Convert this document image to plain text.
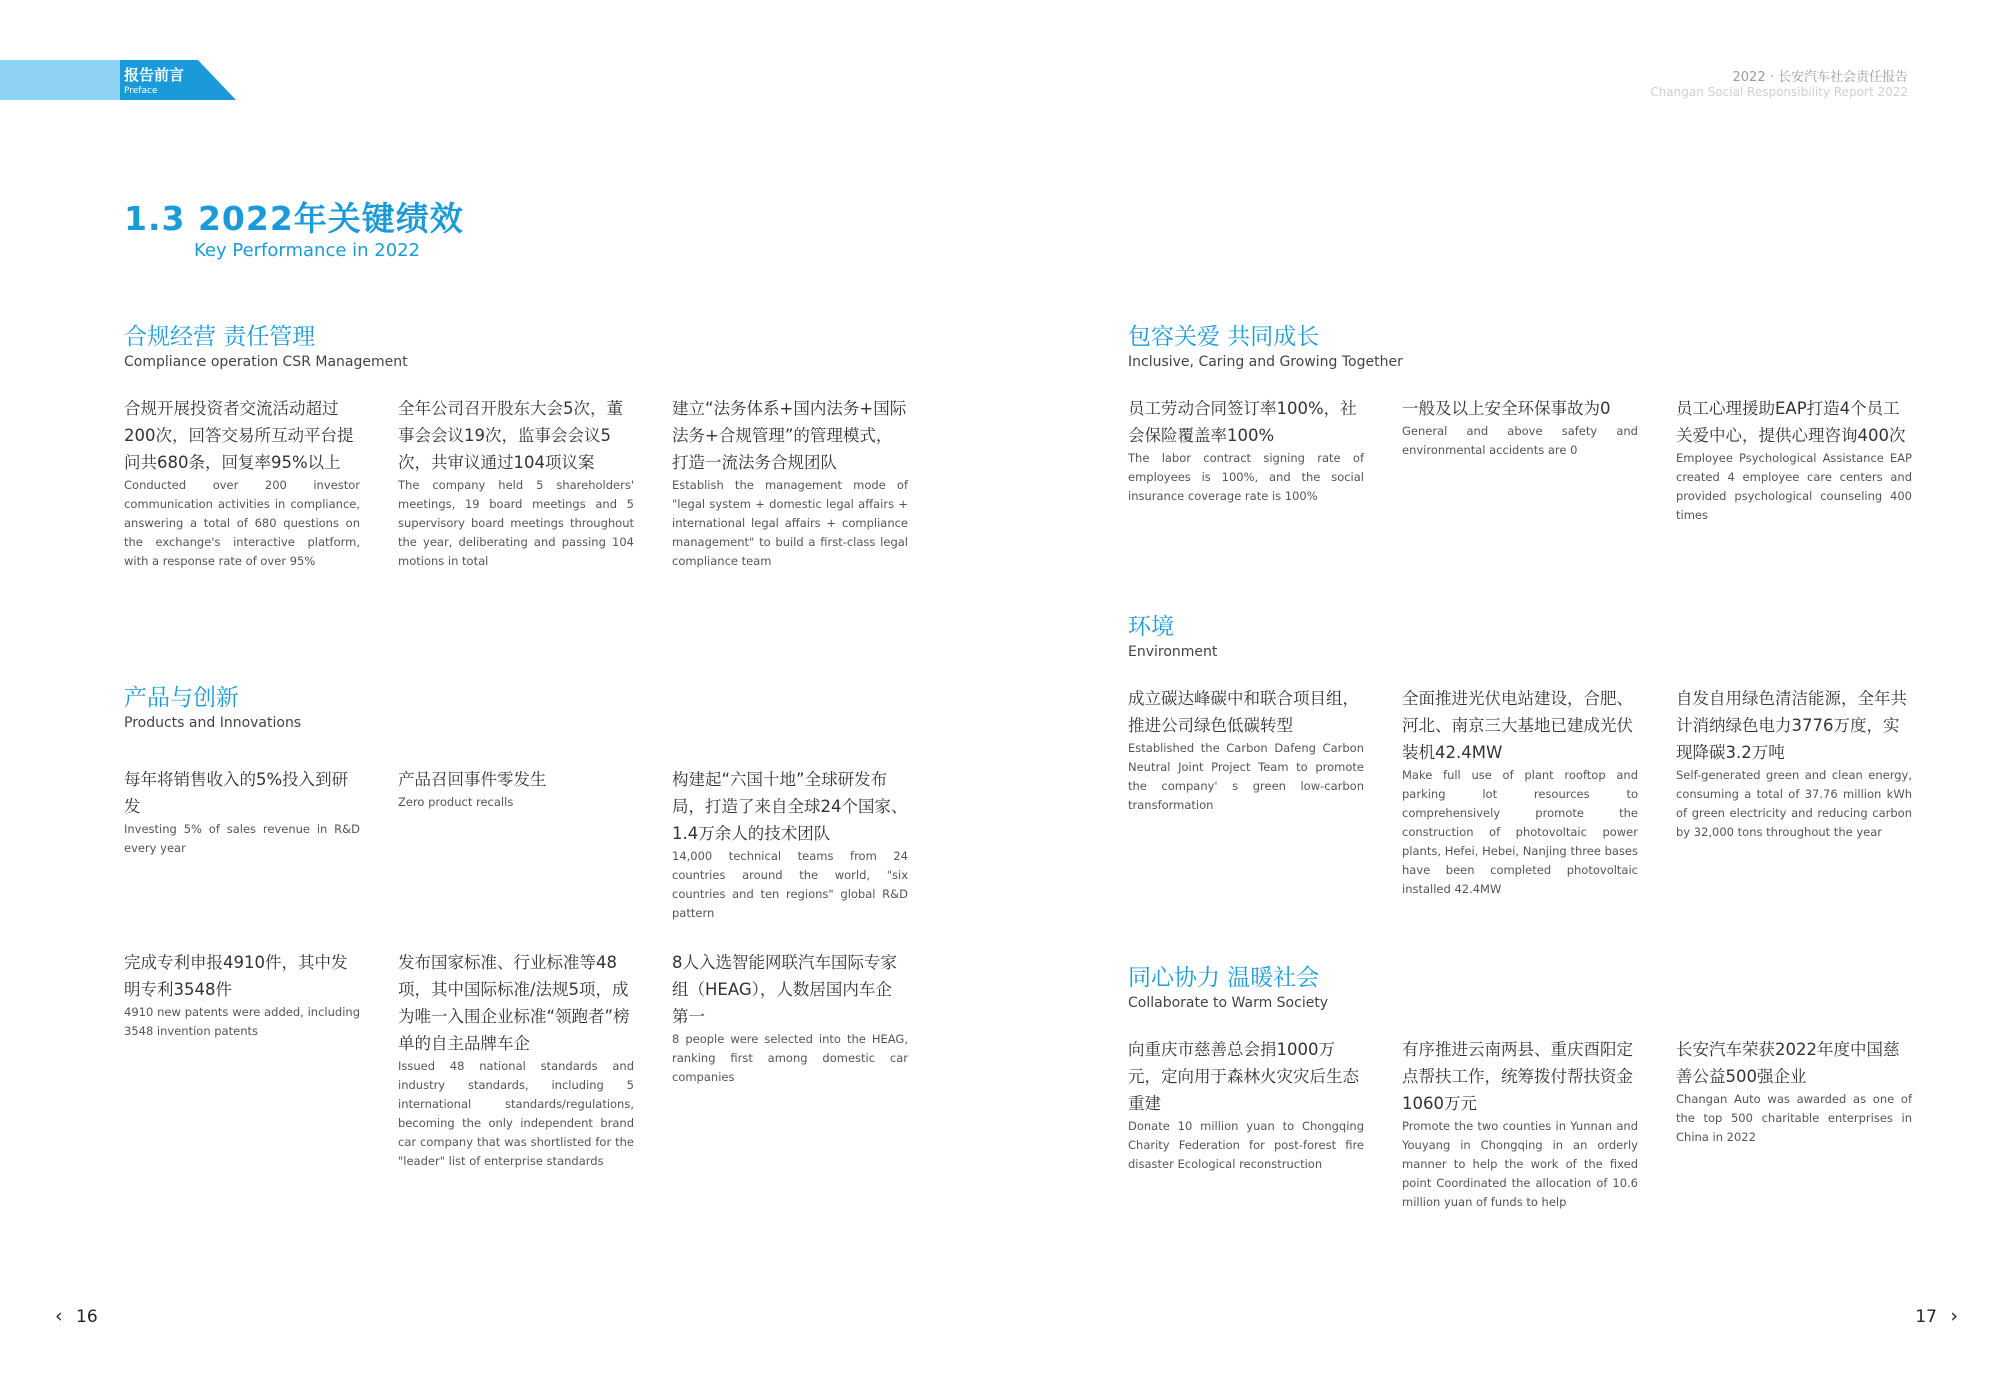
报告前言
Preface
2022 · 长安汽车社会责任报告
Changan Social Responsibility Report 2022
1.3 2022年关键绩效
Key Performance in 2022
合规经营 责任管理
Compliance operation CSR Management
合规开展投资者交流活动超过200次，回答交易所互动平台提问共680条，回复率95%以上
Conducted over 200 investor communication activities in compliance, answering a total of 680 questions on the exchange's interactive platform, with a response rate of over 95%
全年公司召开股东大会5次，董事会会议19次，监事会会议5次，共审议通过104项议案
The company held 5 shareholders' meetings, 19 board meetings and 5 supervisory board meetings throughout the year, deliberating and passing 104 motions in total
建立“法务体系+国内法务+国际法务+合规管理”的管理模式，打造一流法务合规团队
Establish the management mode of "legal system + domestic legal affairs + international legal affairs + compliance management" to build a first-class legal compliance team
产品与创新
Products and Innovations
每年将销售收入的5%投入到研发
Investing 5% of sales revenue in R&D every year
产品召回事件零发生
Zero product recalls
构建起“六国十地”全球研发布局，打造了来自全球24个国家、1.4万余人的技术团队
14,000 technical teams from 24 countries around the world, "six countries and ten regions" global R&D pattern
完成专利申报4910件，其中发明专利3548件
4910 new patents were added, including 3548 invention patents
发布国家标准、行业标准等48项，其中国际标准/法规5项，成为唯一入围企业标准“领跑者”榜单的自主品牌车企
Issued 48 national standards and industry standards, including 5 international standards/regulations, becoming the only independent brand car company that was shortlisted for the "leader" list of enterprise standards
8人入选智能网联汽车国际专家组（HEAG），人数居国内车企第一
8 people were selected into the HEAG, ranking first among domestic car companies
包容关爱 共同成长
Inclusive, Caring and Growing Together
员工劳动合同签订率100%，社会保险覆盖率100%
The labor contract signing rate of employees is 100%, and the social insurance coverage rate is 100%
一般及以上安全环保事故为0
General and above safety and environmental accidents are 0
员工心理援助EAP打造4个员工关爱中心，提供心理咨询400次
Employee Psychological Assistance EAP created 4 employee care centers and provided psychological counseling 400 times
环境
Environment
成立碳达峰碳中和联合项目组，推进公司绿色低碳转型
Established the Carbon Dafeng Carbon Neutral Joint Project Team to promote the company' s green low-carbon transformation
全面推进光伏电站建设，合肥、河北、南京三大基地已建成光伏装机42.4MW
Make full use of plant rooftop and parking lot resources to comprehensively promote the construction of photovoltaic power plants, Hefei, Hebei, Nanjing three bases have been completed photovoltaic installed 42.4MW
自发自用绿色清洁能源，全年共计消纳绿色电力3776万度，实现降碳3.2万吨
Self-generated green and clean energy, consuming a total of 37.76 million kWh of green electricity and reducing carbon by 32,000 tons throughout the year
同心协力 温暖社会
Collaborate to Warm Society
向重庆市慈善总会捐1000万元，定向用于森林火灾灾后生态重建
Donate 10 million yuan to Chongqing Charity Federation for post-forest fire disaster Ecological reconstruction
有序推进云南两县、重庆酉阳定点帮扶工作，统筹拨付帮扶资金1060万元
Promote the two counties in Yunnan and Youyang in Chongqing in an orderly manner to help the work of the fixed point Coordinated the allocation of 10.6 million yuan of funds to help
长安汽车荣获2022年度中国慈善公益500强企业
Changan Auto was awarded as one of the top 500 charitable enterprises in China in 2022
‹ 16	17 ›
